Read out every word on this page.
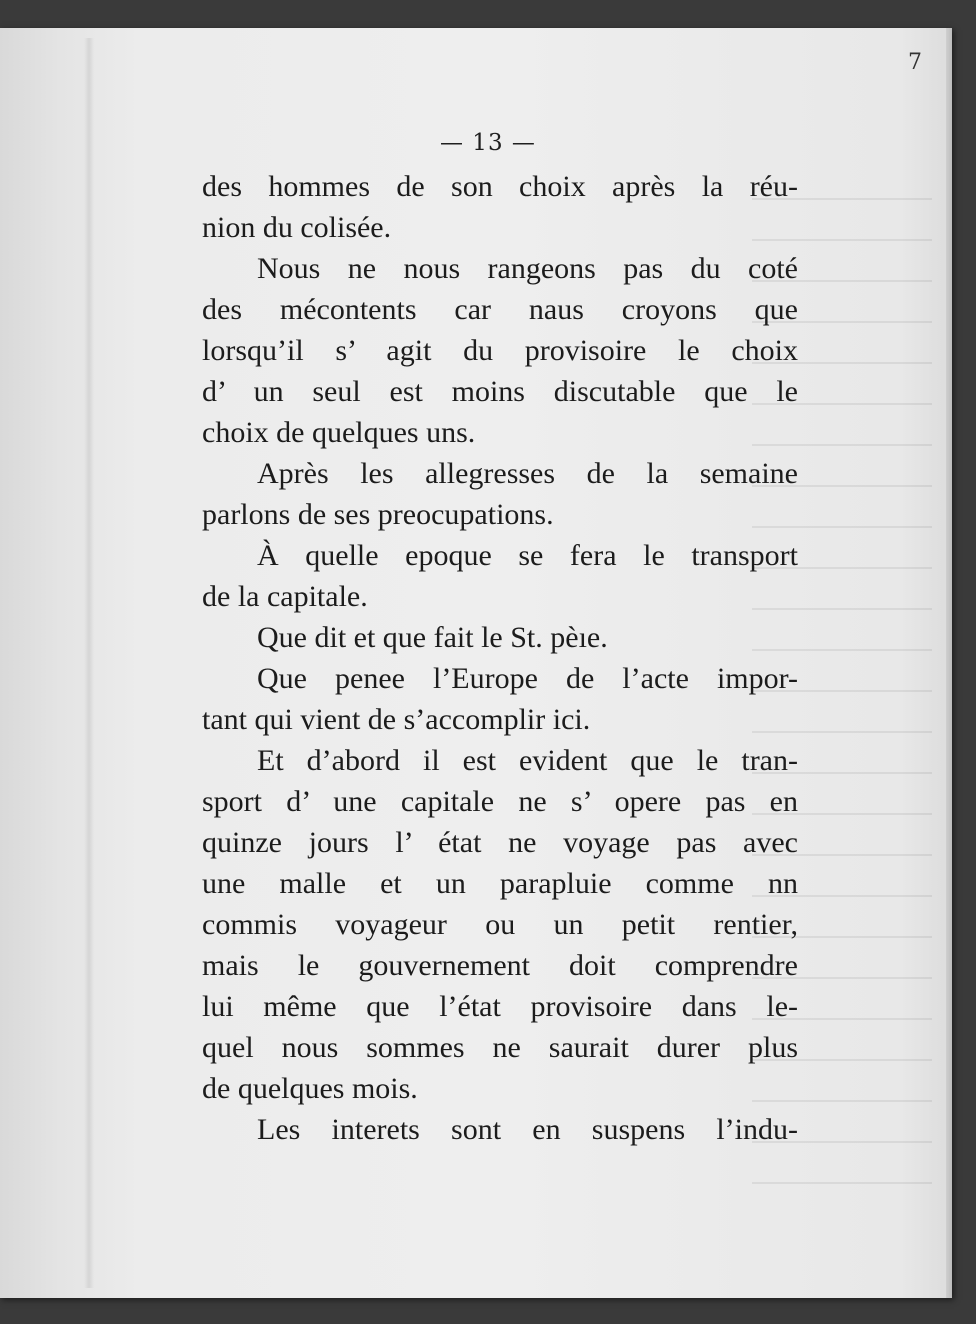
7
— 13 —
des hommes de son choix après la réu-
nion du colisée.
Nous ne nous rangeons pas du coté
des mécontents car naus croyons que
lorsqu’il s’ agit du provisoire le choix
d’ un seul est moins discutable que le
choix de quelques uns.
Après les allegresses de la semaine
parlons de ses preocupations.
À quelle epoque se fera le transport
de la capitale.
Que dit et que fait le St. pèıe.
Que penee l’Europe de l’acte impor-
tant qui vient de s’accomplir ici.
Et d’abord il est evident que le tran-
sport d’ une capitale ne s’ opere pas en
quinze jours l’ état ne voyage pas avec
une malle et un parapluie comme nn
commis voyageur ou un petit rentier,
mais le gouvernement doit comprendre
lui même que l’état provisoire dans le-
quel nous sommes ne saurait durer plus
de quelques mois.
Les interets sont en suspens l’indu-
